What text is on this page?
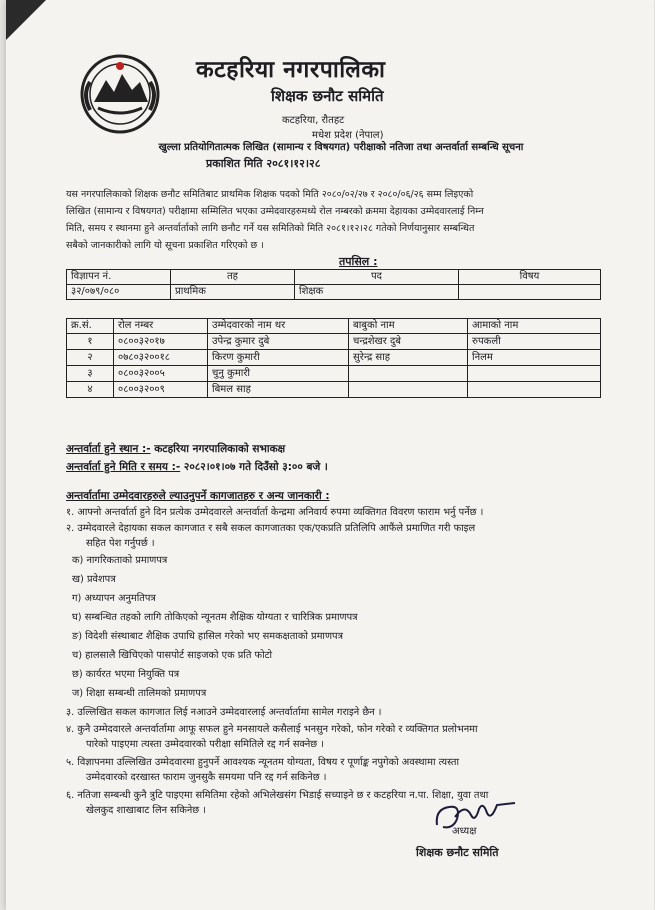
कटहरिया नगरपालिका
शिक्षक छनौट समिति
कटहरिया, रौतहट
मधेश प्रदेश (नेपाल)
खुल्ला प्रतियोगितात्मक लिखित (सामान्य र विषयगत) परीक्षाको नतिजा तथा अन्तर्वार्ता सम्बन्धि सूचना
प्रकाशित मिति २०८१।१२।२८
यस नगरपालिकाको शिक्षक छनौट समितिबाट प्राथमिक शिक्षक पदको मिति २०८०/०२/२७ र २०८०/०६/२६ सम्म लिइएको
लिखित (सामान्य र विषयगत) परीक्षामा सम्मिलित भएका उम्मेदवारहरुमध्ये रोल नम्बरको क्रममा देहायका उम्मेदवारलाई निम्न
मिति, समय र स्थानमा हुने अन्तर्वार्ताको लागि छनौट गर्ने यस समितिको मिति २०८१।१२।२८ गतेको निर्णयानुसार सम्बन्धित
सबैको जानकारीको लागि यो सूचना प्रकाशित गरिएको छ ।
तपसिल :
विज्ञापन नं.	तह	पद	विषय
३२/०७९/०८०	प्राथमिक	शिक्षक	
क्र.सं.	रोल नम्बर	उम्मेदवारको नाम थर	बाबुको नाम	आमाको नाम
१	०८००३२०१७	उपेन्द्र कुमार दुबे	चन्द्रशेखर दुबे	रुपकली
२	०७८०३२००१८	किरण कुमारी	सुरेन्द्र साह	निलम
३	०८००३२००५	चुनु कुमारी		
४	०८००३२००९	बिमल साह		
अन्तर्वार्ता हुने स्थान :- कटहरिया नगरपालिकाको सभाकक्ष
अन्तर्वार्ता हुने मिति र समय :- २०८२।०१।०७ गते दिउँसो ३:०० बजे ।
अन्तर्वार्तामा उम्मेदवारहरुले ल्याउनुपर्ने कागजातहरु र अन्य जानकारी :
१. आफ्नो अन्तर्वार्ता हुने दिन प्रत्येक उम्मेदवारले अन्तर्वार्ता केन्द्रमा अनिवार्य रुपमा व्यक्तिगत विवरण फाराम भर्नु पर्नेछ ।
२. उम्मेदवारले देहायका सकल कागजात र सबै सकल कागजातका एक/एकप्रति प्रतिलिपि आफैंले प्रमाणित गरी फाइल
सहित पेश गर्नुपर्छ ।
क) नागरिकताको प्रमाणपत्र
ख) प्रवेशपत्र
ग) अध्यापन अनुमतिपत्र
घ) सम्बन्धित तहको लागि तोकिएको न्यूनतम शैक्षिक योग्यता र चारित्रिक प्रमाणपत्र
ङ) विदेशी संस्थाबाट शैक्षिक उपाधि हासिल गरेको भए समकक्षताको प्रमाणपत्र
च) हालसालै खिचिएको पासपोर्ट साइजको एक प्रति फोटो
छ) कार्यरत भएमा नियुक्ति पत्र
ज) शिक्षा सम्बन्धी तालिमको प्रमाणपत्र
३. उल्लिखित सकल कागजात लिई नआउने उम्मेदवारलाई अन्तर्वार्तामा सामेल गराइने छैन ।
४. कुनै उम्मेदवारले अन्तर्वार्तामा आफू सफल हुने मनसायले कसैलाई भनसुन गरेको, फोन गरेको र व्यक्तिगत प्रलोभनमा
पारेको पाइएमा त्यस्ता उम्मेदवारको परीक्षा समितिले रद्द गर्न सक्नेछ ।
५. विज्ञापनमा उल्लिखित उम्मेदवारमा हुनुपर्ने आवश्यक न्यूनतम योग्यता, विषय र पूर्णाङ्क नपुगेको अवस्थामा त्यस्ता
उम्मेदवारको दरखास्त फाराम जुनसुकै समयमा पनि रद्द गर्न सकिनेछ ।
६. नतिजा सम्बन्धी कुनै त्रुटि पाइएमा समितिमा रहेको अभिलेखसंग भिडाई सच्याइने छ र कटहरिया न.पा. शिक्षा, युवा तथा
खेलकुद शाखाबाट लिन सकिनेछ ।
अध्यक्ष
शिक्षक छनौट समिति
